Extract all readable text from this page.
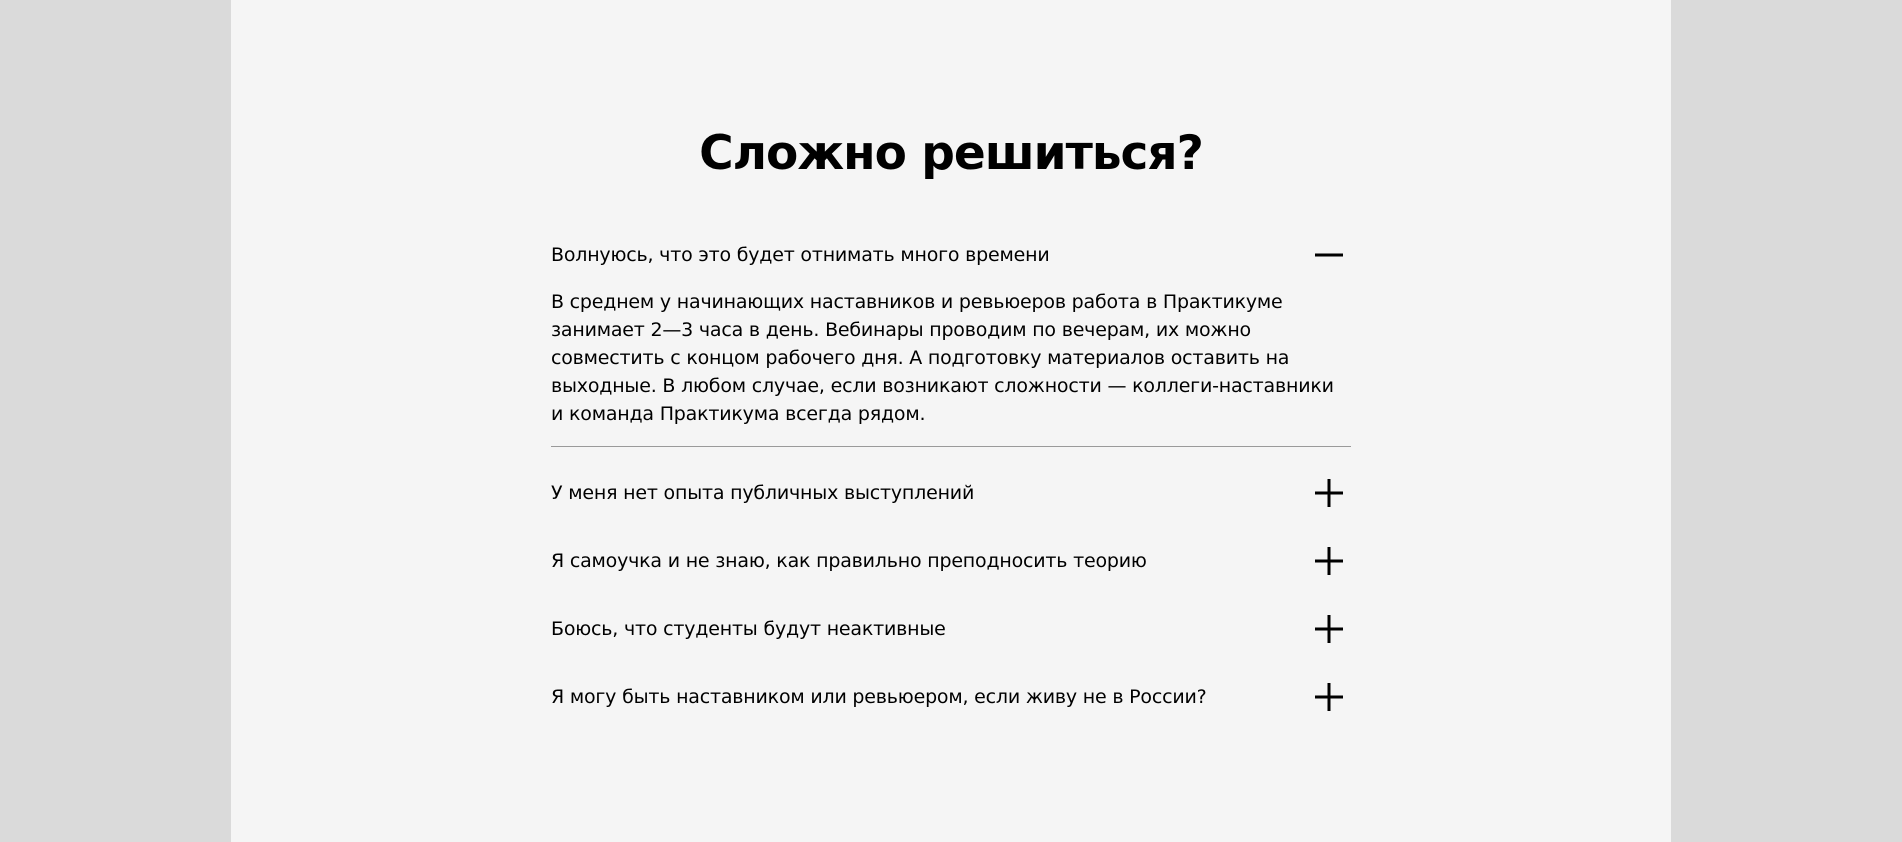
Сложно решиться?
Волнуюсь, что это будет отнимать много времени
В среднем у начинающих наставников и ревьюеров работа в Практикуме занимает 2—3 часа в день. Вебинары проводим по вечерам, их можно совместить с концом рабочего дня. А подготовку материалов оставить на выходные. В любом случае, если возникают сложности — коллеги-наставники и команда Практикума всегда рядом.
У меня нет опыта публичных выступлений
Я самоучка и не знаю, как правильно преподносить теорию
Боюсь, что студенты будут неактивные
Я могу быть наставником или ревьюером, если живу не в России?
